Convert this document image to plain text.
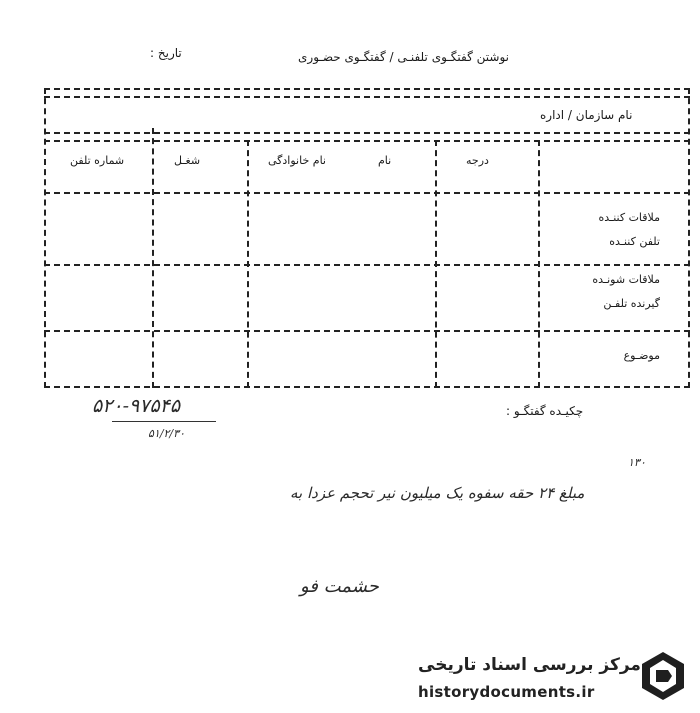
نوشتن گفتگـوی تلفنـی / گفتگـوی حضـوری
تاریخ :
نام سازمان / اداره
درجه
نام
نام خانوادگی
شغـل
شماره تلفن
ملاقات کننـده
تلفن کننـده
ملاقات شونـده
گیرنده تلفـن
موضـوع
چکیـده گفتگـو :
۵۲۰-۹۷۵۴۵
۵۱/۲/۳۰
۱۳۰
مبلغ ۲۴ حقه سفوه یک میلیون نیر تحجم عزدا به
حشمت فو
مرکز بررسی اسناد تاریخی
historydocuments.ir
